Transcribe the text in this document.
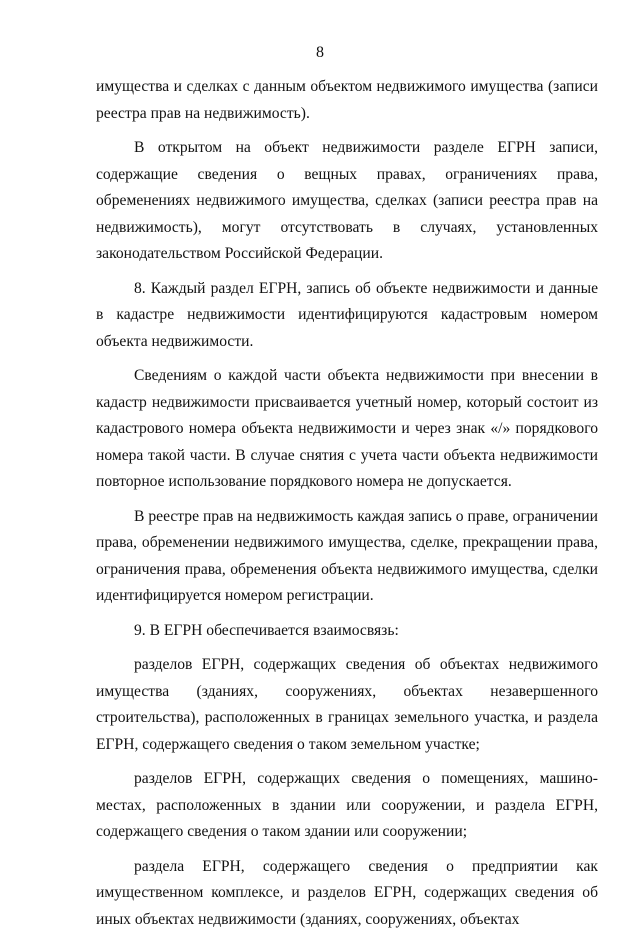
8

имущества и сделках с данным объектом недвижимого имущества (записи реестра прав на недвижимость).

В открытом на объект недвижимости разделе ЕГРН записи, содержащие сведения о вещных правах, ограничениях права, обременениях недвижимого имущества, сделках (записи реестра прав на недвижимость), могут отсутствовать в случаях, установленных законодательством Российской Федерации.

8. Каждый раздел ЕГРН, запись об объекте недвижимости и данные в кадастре недвижимости идентифицируются кадастровым номером объекта недвижимости.

Сведениям о каждой части объекта недвижимости при внесении в кадастр недвижимости присваивается учетный номер, который состоит из кадастрового номера объекта недвижимости и через знак «/» порядкового номера такой части. В случае снятия с учета части объекта недвижимости повторное использование порядкового номера не допускается.

В реестре прав на недвижимость каждая запись о праве, ограничении права, обременении недвижимого имущества, сделке, прекращении права, ограничения права, обременения объекта недвижимого имущества, сделки идентифицируется номером регистрации.

9. В ЕГРН обеспечивается взаимосвязь:

разделов ЕГРН, содержащих сведения об объектах недвижимого имущества (зданиях, сооружениях, объектах незавершенного строительства), расположенных в границах земельного участка, и раздела ЕГРН, содержащего сведения о таком земельном участке;

разделов ЕГРН, содержащих сведения о помещениях, машино-местах, расположенных в здании или сооружении, и раздела ЕГРН, содержащего сведения о таком здании или сооружении;

раздела ЕГРН, содержащего сведения о предприятии как имущественном комплексе, и разделов ЕГРН, содержащих сведения об иных объектах недвижимости (зданиях, сооружениях, объектах
